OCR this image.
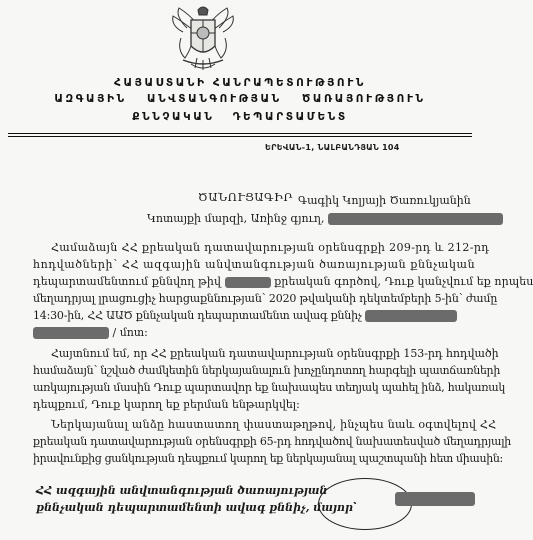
ՀԱՅԱՍՏԱՆԻ ՀԱՆՐԱՊԵՏՈՒԹՅՈՒՆ
ԱԶԳԱՅԻՆ ԱՆՎՏԱՆԳՈՒԹՅԱՆ ԾԱՌԱՅՈՒԹՅՈՒՆ
ՔՆՆՉԱԿԱՆ ԴԵՊԱՐՏԱՄԵՆՏ
ԵՐԵՎԱՆ-1, ՆԱԼԲԱՆԴՅԱՆ 104
ԾԱՆՈՒՑԱԳԻՐ Գագիկ Կոլյայի Ծառուկյանին
Կոտայքի մարզի, Առինջ գյուղ,
Համաձայն ՀՀ քրեական դատավարության օրենսգրքի 209-րդ և 212-րդ
հոդվածների՝ ՀՀ ազգային անվտանգության ծառայության քննչական
դեպարտամենտում քննվող թիվ	քրեական գործով, Դուք կանչվում եք որպես
մեղադրյալ լրացուցիչ հարցաքննության՝ 2020 թվականի դեկտեմբերի 5-ին՝ ժամը
14:30-ին, ՀՀ ԱԱԾ քննչական դեպարտամենտ ավագ քննիչ
/ մոտ:
Հայտնում եմ, որ ՀՀ քրեական դատավարության օրենսգրքի 153-րդ հոդվածի
համաձայն՝ նշված ժամկետին ներկայանալուն խոչընդոտող հարգելի պատճառների
առկայության մասին Դուք պարտավոր եք նախապես տեղյակ պահել ինձ, հակառակ
դեպքում, Դուք կարող եք բերման ենթարկվել:
Ներկայանալ անձը հաստատող փաստաթղթով, ինչպես նաև օգտվելով ՀՀ
քրեական դատավարության օրենսգրքի 65-րդ հոդվածով նախատեսված մեղադրյալի
իրավունքից ցանկության դեպքում կարող եք ներկայանալ պաշտպանի հետ միասին:
ՀՀ ազգային անվտանգության ծառայության
քննչական դեպարտամենտի ավագ քննիչ, մայոր՝
